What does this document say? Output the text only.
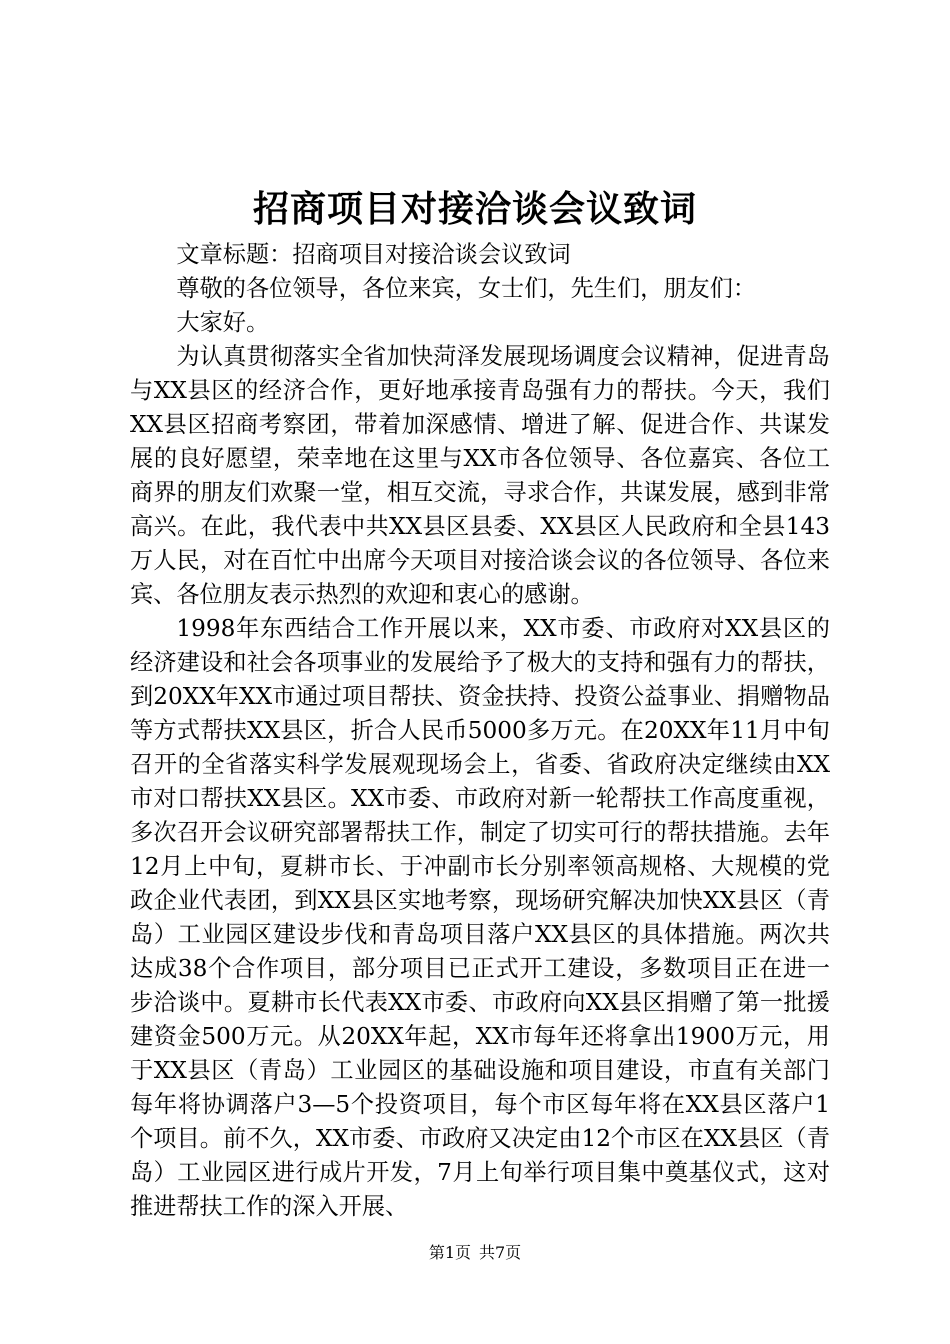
招商项目对接洽谈会议致词

文章标题：招商项目对接洽谈会议致词

尊敬的各位领导，各位来宾，女士们，先生们，朋友们：

大家好。

为认真贯彻落实全省加快菏泽发展现场调度会议精神，促进青岛与XX县区的经济合作，更好地承接青岛强有力的帮扶。今天，我们XX县区招商考察团，带着加深感情、增进了解、促进合作、共谋发展的良好愿望，荣幸地在这里与XX市各位领导、各位嘉宾、各位工商界的朋友们欢聚一堂，相互交流，寻求合作，共谋发展，感到非常高兴。在此，我代表中共XX县区县委、XX县区人民政府和全县143万人民，对在百忙中出席今天项目对接洽谈会议的各位领导、各位来宾、各位朋友表示热烈的欢迎和衷心的感谢。

1998年东西结合工作开展以来，XX市委、市政府对XX县区的经济建设和社会各项事业的发展给予了极大的支持和强有力的帮扶，到20XX年XX市通过项目帮扶、资金扶持、投资公益事业、捐赠物品等方式帮扶XX县区，折合人民币5000多万元。在20XX年11月中旬召开的全省落实科学发展观现场会上，省委、省政府决定继续由XX市对口帮扶XX县区。XX市委、市政府对新一轮帮扶工作高度重视，多次召开会议研究部署帮扶工作，制定了切实可行的帮扶措施。去年12月上中旬，夏耕市长、于冲副市长分别率领高规格、大规模的党政企业代表团，到XX县区实地考察，现场研究解决加快XX县区（青岛）工业园区建设步伐和青岛项目落户XX县区的具体措施。两次共达成38个合作项目，部分项目已正式开工建设，多数项目正在进一步洽谈中。夏耕市长代表XX市委、市政府向XX县区捐赠了第一批援建资金500万元。从20XX年起，XX市每年还将拿出1900万元，用于XX县区（青岛）工业园区的基础设施和项目建设，市直有关部门每年将协调落户3—5个投资项目，每个市区每年将在XX县区落户1个项目。前不久，XX市委、市政府又决定由12个市区在XX县区（青岛）工业园区进行成片开发，7月上旬举行项目集中奠基仪式，这对推进帮扶工作的深入开展、

第1页 共7页
